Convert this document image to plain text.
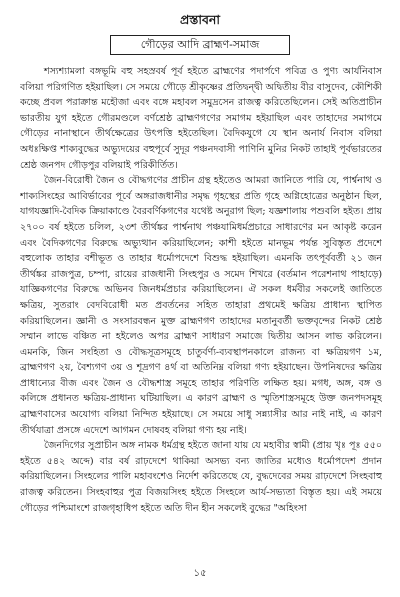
প্রস্তাবনা
গৌড়ের আদি ব্রাহ্মণ-সমাজ

শস্যশ্যামলা বঙ্গভূমি বহু সহস্রবর্ষ পূর্ব হইতে ব্রাহ্মণের পদার্পণে পবিত্র ও পুণ্য আর্যনিবাস বলিয়া পরিগণিত হইয়াছিল। সে সময়ে গৌড়ে শ্রীকৃষ্ণের প্রতিদ্বন্দ্বী অদ্বিতীয় বীর বাসুদেব, কৌশিকী কচ্ছে প্রবল পরাক্রান্ত মহৌজা এবং বঙ্গে মহাবল সমুদ্রসেন রাজত্ব করিতেছিলেন। সেই অতিপ্রাচীন ভারতীয় যুগ হইতে গৌরমণ্ডলে বর্ণশ্রেষ্ঠ ব্রাহ্মণগণের সমাগম হইয়াছিল এবং তাহাদের সমাগমে গৌড়ের নানাস্থানে তীর্থক্ষেত্রের উৎপত্তি হইতেছিল। বৈদিকযুগে যে স্থান অনার্য নিবাস বলিয়া অধঃক্ষিপ্ত শাক্যবুদ্ধের অভ্যুদয়ের বহুপূর্বে সুদূর পঞ্চনদবাসী পাণিনি মুনির নিকট তাহাই পূর্বভারতের শ্রেষ্ঠ জনপদ গৌড়পুর বলিয়াই পরিকীর্তিত।

জৈন-বিরোধী জৈন ও বৌদ্ধগণের প্রাচীন গ্রন্থ হইতেও আমরা জানিতে পারি যে, পার্শ্বনাথ ও শাক্যসিংহের আবির্ভাবের পূর্বে অঙ্গরাজধানীর সমৃদ্ধ গৃহস্থের প্রতি গৃহে অগ্নিহোত্রের অনুষ্ঠান ছিল, যাগযজ্ঞাদি-বৈদিক ক্রিয়াকাণ্ডে বৈরবর্ণিকগণের যথেষ্ট অনুরাগ ছিল; যজ্ঞশালায় পশুবলি হইত। প্রায় ২৭০০ বর্ষ হইতে চলিল, ২৩শ তীর্থঙ্কর পার্শ্বনাথ পঞ্চযামিধর্মপ্রচারে সাধারণের মন আকৃষ্ট করেন এবং বৈদিকগণের বিরুদ্ধে অভ্যুত্থান করিয়াছিলেন; কাশী হইতে মানভূম পর্যন্ত সুবিস্তৃত প্রদেশে বহুলোক তাহার বশীভূত ও তাহার ধর্মোপদেশে বিশুদ্ধ হইয়াছিল। এমনকি তৎপূর্ববর্তী ২১ জন তীর্থঙ্কর রাজপুত্র, চম্পা, রায়ের রাজধানী সিংহপুর ও সমেদ শিখরে (বর্তমান পরেশনাথ পাহাড়ে) যাজ্ঞিকগণের বিরুদ্ধে অভিনব জিনধর্মপ্রচার করিয়াছিলেন। ঐ সকল ধর্মবীর সকলেই জাতিতে ক্ষত্রিয়, সুতরাং বেদবিরোধী মত প্রবর্তনের সহিত তাহারা প্রথমেই ক্ষত্রিয় প্রাধান্য স্থাপিত করিয়াছিলেন। জ্ঞানী ও সংসারবন্ধন মুক্ত ব্রাহ্মণগণ তাহাদের মতানুবর্তী ভক্তবৃন্দের নিকট শ্রেষ্ঠ সম্মান লাভে বঞ্চিত না হইলেও অপর ব্রাহ্মণ সাধারণ সমাজে দ্বিতীয় আসন লাভ করিলেন। এমনকি, জিন সংহিতা ও বৌদ্ধসূত্রসমূহে চাতুর্বর্ণ্য-ব্যবস্থাপনকালে রাজন্য বা ক্ষত্রিয়গণ ১ম, ব্রাহ্মণগণ ২য়, বৈশ্যগণ ৩য় ও শূদ্রগণ ৪র্থ বা অতিনিম্ন বলিয়া গণ্য হইয়াছেন। উপনিষদের ক্ষত্রিয় প্রাধান্যের বীজ এবং জৈন ও বৌদ্ধশাস্ত্র সমূহে তাহার পরিণতি লক্ষিত হয়। মগধ, অঙ্গ, বঙ্গ ও কলিঙ্গে প্রধানত ক্ষত্রিয়-প্রাধান্য ঘটিয়াছিল। এ কারণ ব্রাহ্মণ ও স্মৃতিশাস্ত্রসমূহে উক্ত জনপদসমূহ ব্রাহ্মণবাসের অযোগ্য বলিয়া নিন্দিত হইয়াছে। সে সময়ে সাধু সন্ন্যাসীর আর নাই নাই, এ কারণ তীর্থযাত্রা প্রসঙ্গে এদেশে আগমন দোষবহ বলিয়া গণ্য হয় নাই।

জৈনদিগের সুপ্রাচীন অঙ্গ নামক ধর্মগ্রন্থ হইতে জানা যায় যে মহাবীর স্বামী (প্রায় খৃঃ পূঃ ৫৫০ হইতে ৫৪২ অব্দে) বার বর্ষ রাঢ়দেশে থাকিয়া অসভ্য বন্য জাতির মধ্যেও ধর্মোপদেশ প্রদান করিয়াছিলেন। সিংহলের পালি মহাবংশেও নির্দেশ করিতেছে যে, বুদ্ধদেবের সময় রাঢ়দেশে সিংহবাহু রাজত্ব করিতেন। সিংহবাহুর পুত্র বিজয়সিংহ হইতে সিংহলে আর্য-সভ্যতা বিস্তৃত হয়। এই সময়ে গৌড়ের পশ্চিমাংশে রাজগৃহাধিপ হইতে অতি দীন হীন সকলেই বুদ্ধের "অহিংসা

১৫
